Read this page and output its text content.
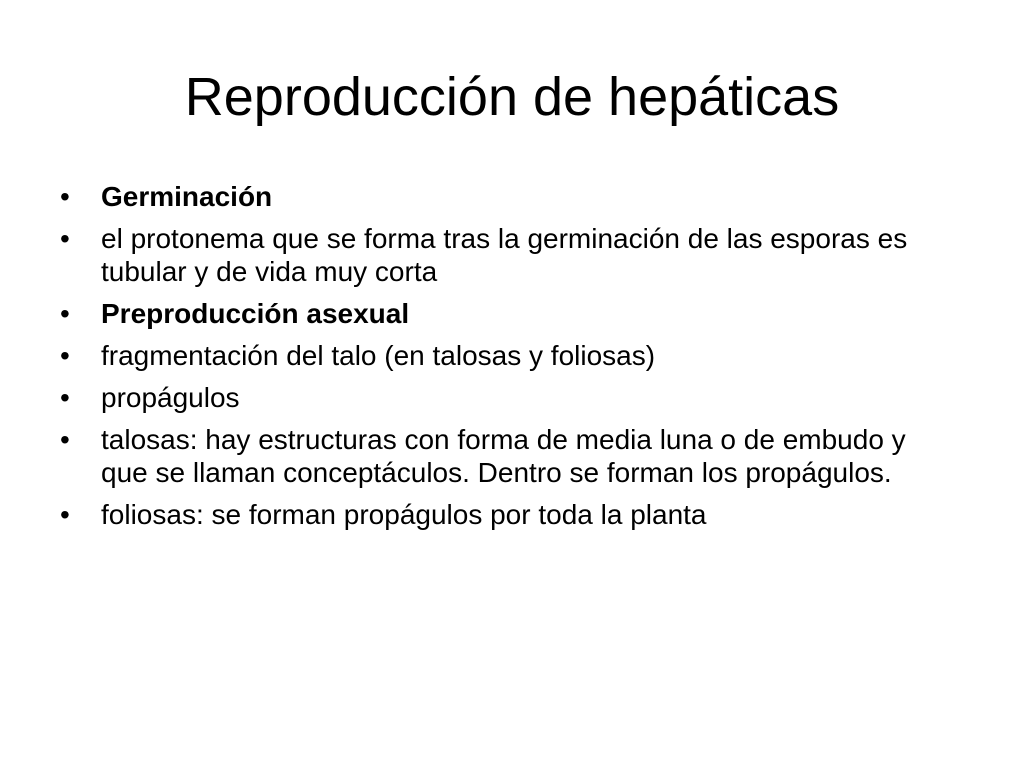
Reproducción de hepáticas
•	Germinación
•	el protonema que se forma tras la germinación de las esporas es tubular y de vida muy corta
•	Preproducción asexual
•	fragmentación del talo (en talosas y foliosas)
•	propágulos
•	talosas: hay estructuras con forma de media luna o de embudo y que se llaman conceptáculos. Dentro se forman los propágulos.
•	foliosas: se forman propágulos por toda la planta
